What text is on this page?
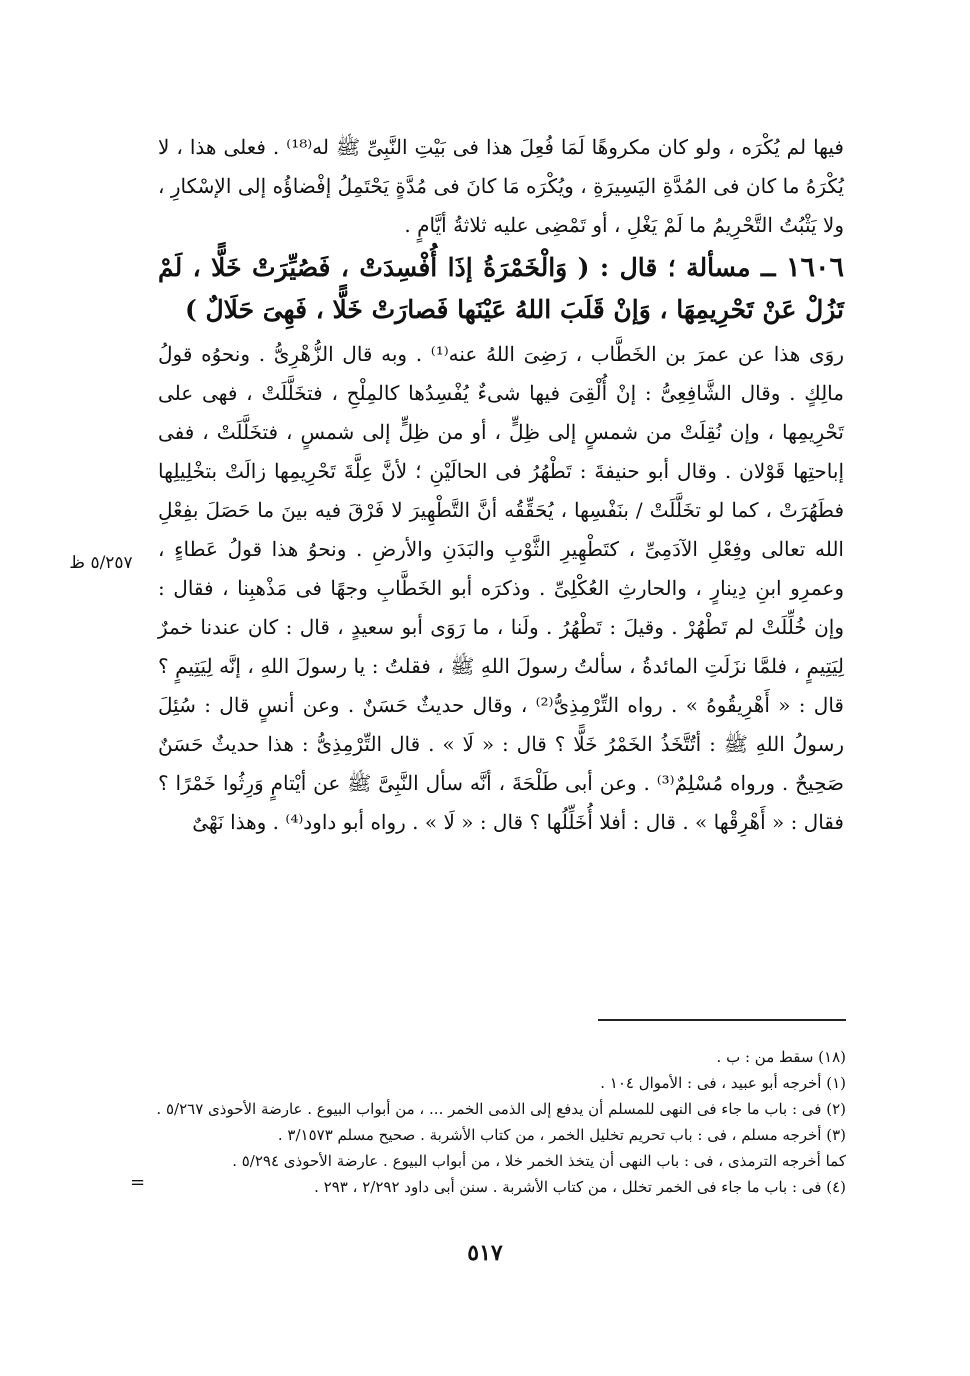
فيها لم يُكْرَه ، ولو كان مكروهًا لَمَا فُعِلَ هذا فى بَيْتِ النَّبِىِّ ﷺ له⁽¹⁸⁾ . فعلى هذا ، لا يُكْرَهُ ما كان فى المُدَّةِ اليَسِيرَةِ ، ويُكْرَه مَا كانَ فى مُدَّةٍ يَحْتَمِلُ إفْضاؤُه إلى الإسْكارِ ، ولا يَثْبُتُ التَّحْرِيمُ ما لَمْ يَغْلِ ، أو تَمْضِى عليه ثلاثةُ أيَّامٍ .

١٦٠٦ ــ مسألة ؛ قال : ( وَالْخَمْرَةُ إذَا أُفْسِدَتْ ، فَصُيِّرَتْ خَلًّا ، لَمْ تَزُلْ عَنْ تَحْرِيمِهَا ، وَإنْ قَلَبَ اللهُ عَيْنَها فَصارَتْ خَلًّا ، فَهِىَ حَلَالٌ )

روَى هذا عن عمرَ بن الخَطَّاب ، رَضِىَ اللهُ عنه⁽¹⁾ . وبه قال الزُّهْرِىُّ . ونحوُه قولُ مالِكٍ . وقال الشَّافِعِىُّ : إنْ أُلْقِىَ فيها شىءٌ يُفْسِدُها كالمِلْحِ ، فتخَلَّلَتْ ، فهى على تَحْرِيمِها ، وإن نُقِلَتْ من شمسٍ إلى ظِلٍّ ، أو من ظِلٍّ إلى شمسٍ ، فتخَلَّلَتْ ، ففى إباحتِها قَوْلان . وقال أبو حنيفةَ : تَطْهُرُ فى الحالَيْنِ ؛ لأنَّ عِلَّةَ تَحْرِيمِها زالَتْ بتخْلِيلِها فطَهُرَتْ ، كما لو تخَلَّلَتْ / بنَفْسِها ، يُحَقِّقُه أنَّ التَّطْهِيرَ لا فَرْقَ فيه بينَ ما حَصَلَ بفِعْلِ الله تعالى وفِعْلِ الآدَمِىِّ ، كتَطْهِيرِ الثَّوْبِ والبَدَنِ والأرضِ . ونحوُ هذا قولُ عَطاءٍ ، وعمرِو ابنِ دِينارٍ ، والحارثِ العُكْلِىِّ . وذكرَه أبو الخَطَّابِ وجهًا فى مَذْهبِنا ، فقال : وإن خُلِّلَتْ لم تَطْهُرْ . وقيلَ : تَطْهُرُ . ولَنا ، ما رَوَى أبو سعيدٍ ، قال : كان عندنا خمرٌ لِيَتِيمٍ ، فلمَّا نزَلَتِ المائدةُ ، سألتُ رسولَ اللهِ ﷺ ، فقلتُ : يا رسولَ اللهِ ، إنَّه لِيَتِيمٍ ؟ قال : « أَهْرِيقُوهُ » . رواه التِّرْمِذِىُّ⁽²⁾ ، وقال حديثٌ حَسَنٌ . وعن أنسٍ قال : سُئِلَ رسولُ اللهِ ﷺ : أتُتَّخَذُ الخَمْرُ خَلًّا ؟ قال : « لَا » . قال التِّرْمِذِىُّ : هذا حديثٌ حَسَنٌ صَحِيحٌ . ورواه مُسْلِمٌ⁽³⁾ . وعن أبى طَلْحَةَ ، أنَّه سأل النَّبِىَّ ﷺ عن أيْتامٍ وَرِثُوا خَمْرًا ؟ فقال : « أَهْرِقْها » . قال : أفلا أُخَلِّلُها ؟ قال : « لَا » . رواه أبو داود⁽⁴⁾ . وهذا نَهْىٌ

٥/٢٥٧ ظ

(١٨) سقط من : ب .

(١) أخرجه أبو عبيد ، فى : الأموال ١٠٤ .

(٢) فى : باب ما جاء فى النهى للمسلم أن يدفع إلى الذمى الخمر ... ، من أبواب البيوع . عارضة الأحوذى ٥/٢٦٧ .

(٣) أخرجه مسلم ، فى : باب تحريم تخليل الخمر ، من كتاب الأشربة . صحيح مسلم ٣/١٥٧٣ .

كما أخرجه الترمذى ، فى : باب النهى أن يتخذ الخمر خلا ، من أبواب البيوع . عارضة الأحوذى ٥/٢٩٤ .

(٤) فى : باب ما جاء فى الخمر تخلل ، من كتاب الأشربة . سنن أبى داود ٢/٢٩٢ ، ٢٩٣ .

=
٥١٧
